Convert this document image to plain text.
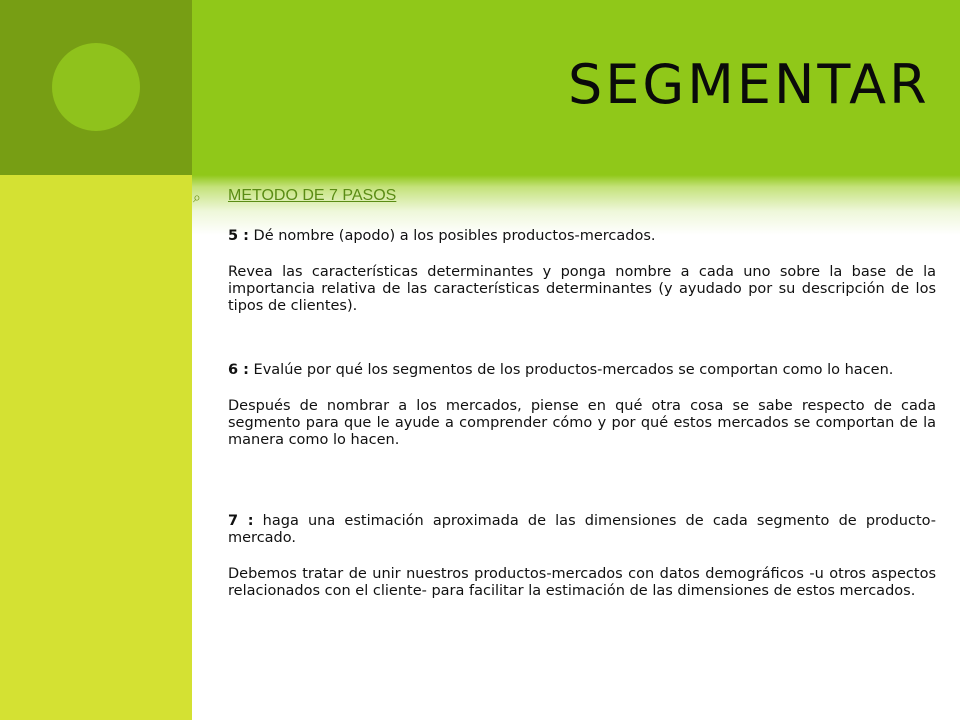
SEGMENTAR
⌕ METODO DE 7 PASOS

5 : Dé nombre (apodo) a los posibles productos-mercados.

Revea las características determinantes y ponga nombre a cada uno sobre la base de la importancia relativa de las características determinantes (y ayudado por su descripción de los tipos de clientes).

6 : Evalúe por qué los segmentos de los productos-mercados se comportan como lo hacen.

Después de nombrar a los mercados, piense en qué otra cosa se sabe respecto de cada segmento para que le ayude a comprender cómo y por qué estos mercados se comportan de la manera como lo hacen.

7 : haga una estimación aproximada de las dimensiones de cada segmento de producto-mercado.

Debemos tratar de unir nuestros productos-mercados con datos demográficos -u otros aspectos relacionados con el cliente- para facilitar la estimación de las dimensiones de estos mercados.
